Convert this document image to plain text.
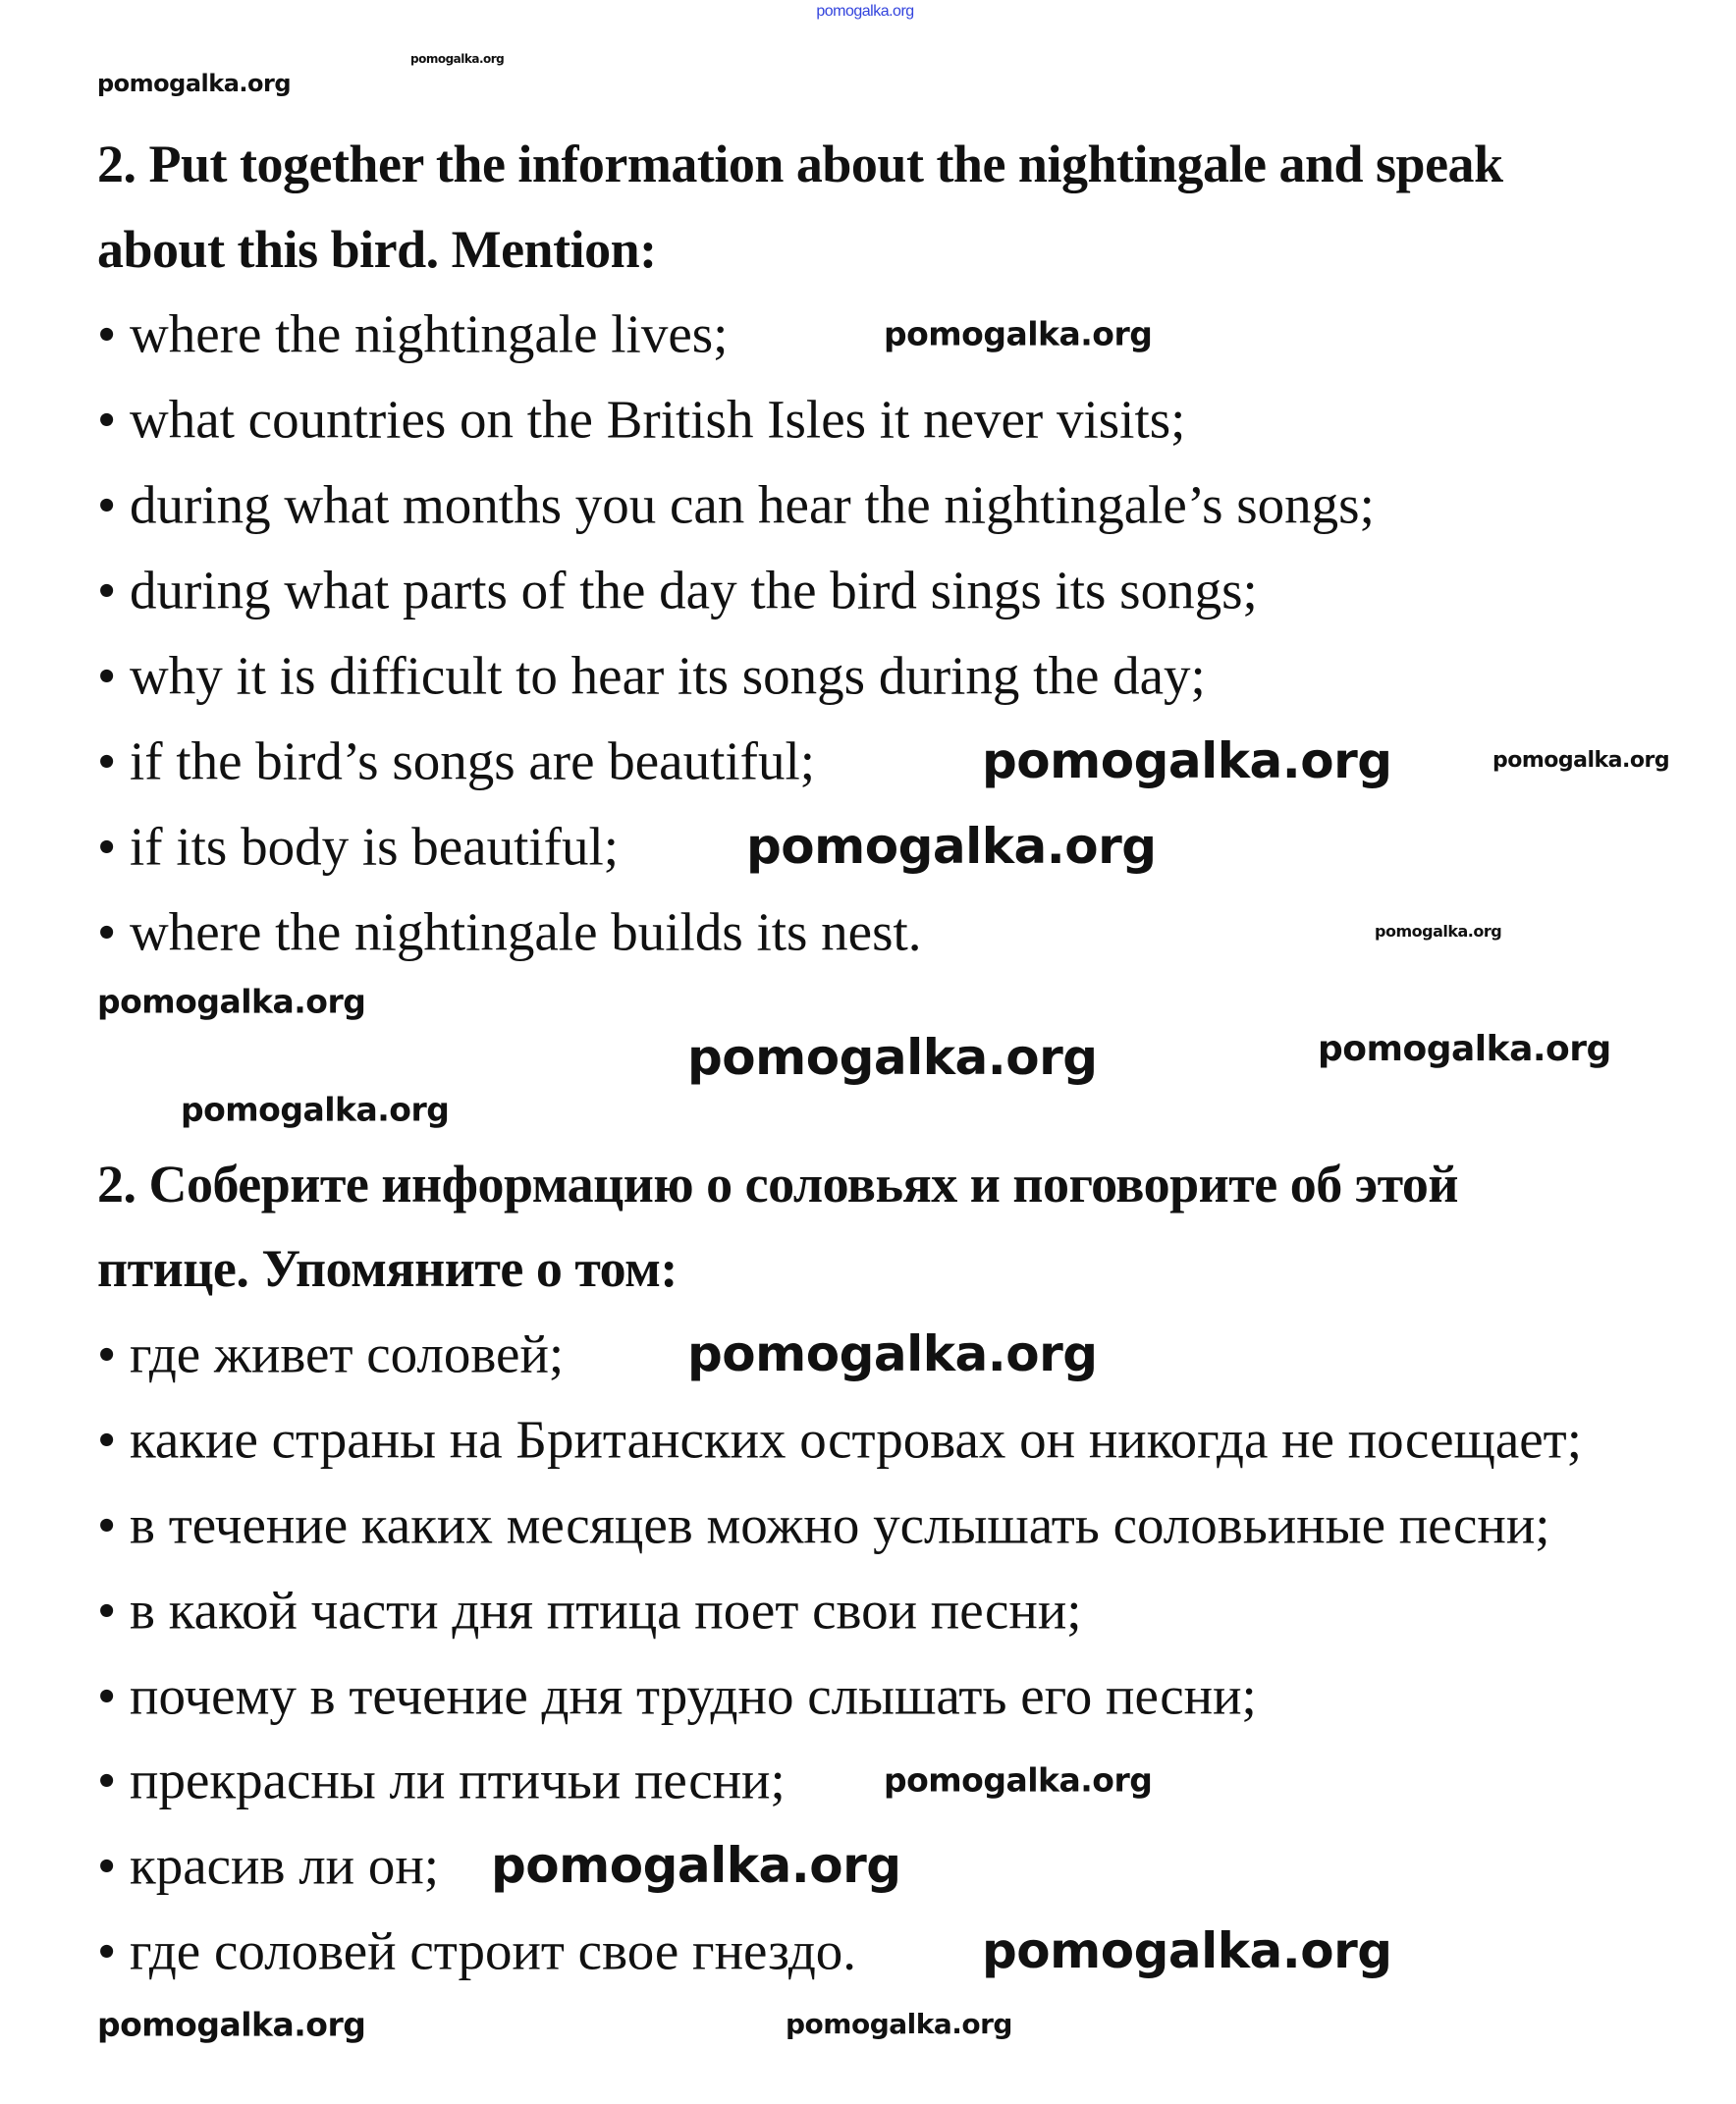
2. Put together the information about the nightingale and speak
about this bird. Mention:
• where the nightingale lives;
• what countries on the British Isles it never visits;
• during what months you can hear the nightingale’s songs;
• during what parts of the day the bird sings its songs;
• why it is difficult to hear its songs during the day;
• if the bird’s songs are beautiful;
• if its body is beautiful;
• where the nightingale builds its nest.
2. Соберите информацию о соловьях и поговорите об этой
птице. Упомяните о том:
• где живет соловей;
• какие страны на Британских островах он никогда не посещает;
• в течение каких месяцев можно услышать соловьиные песни;
• в какой части дня птица поет свои песни;
• почему в течение дня трудно слышать его песни;
• прекрасны ли птичьи песни;
• красив ли он;
• где соловей строит свое гнездо.
pomogalka.org
pomogalka.org
pomogalka.org
pomogalka.org
pomogalka.org
pomogalka.org
pomogalka.org
pomogalka.org	pomogalka.org
pomogalka.org
pomogalka.org	pomogalka.org
pomogalka.org
pomogalka.org
pomogalka.org
pomogalka.org
pomogalka.org
pomogalka.org
